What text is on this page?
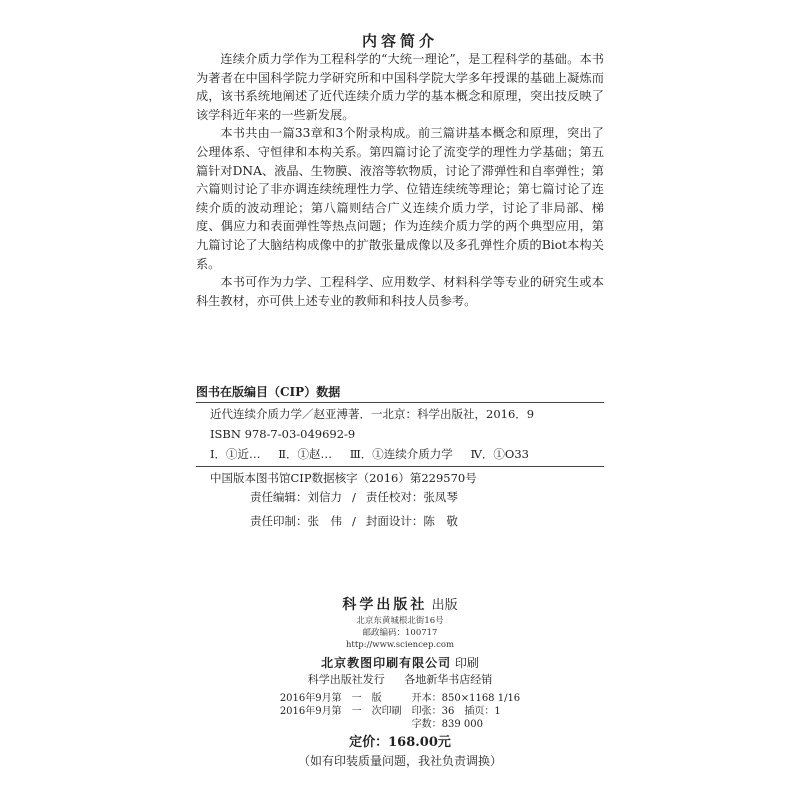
内容简介

连续介质力学作为工程科学的“大统一理论”，是工程科学的基础。本书为著者在中国科学院力学研究所和中国科学院大学多年授课的基础上凝炼而成，该书系统地阐述了近代连续介质力学的基本概念和原理，突出技反映了该学科近年来的一些新发展。

本书共由一篇33章和3个附录构成。前三篇讲基本概念和原理，突出了公理体系、守恒律和本构关系。第四篇讨论了流变学的理性力学基础；第五篇针对DNA、液晶、生物膜、液溶等软物质，讨论了滞弹性和自率弹性；第六篇则讨论了非亦调连续统理性力学、位错连续统等理论；第七篇讨论了连续介质的波动理论；第八篇则结合广义连续介质力学，讨论了非局部、梯度、偶应力和表面弹性等热点问题；作为连续介质力学的两个典型应用，第九篇讨论了大脑结构成像中的扩散张量成像以及多孔弹性介质的Biot本构关系。

本书可作为力学、工程科学、应用数学、材料科学等专业的研究生或本科生教材，亦可供上述专业的教师和科技人员参考。

图书在版编目（CIP）数据
近代连续介质力学／赵亚溥著．一北京：科学出版社，2016．9
ISBN 978-7-03-049692-9
Ⅰ．①近… Ⅱ．①赵… Ⅲ．①连续介质力学 Ⅳ．①O33
中国版本图书馆CIP数据核字（2016）第229570号
责任编辑：刘信力 / 责任校对：张凤琴
责任印制：张　伟 / 封面设计：陈　敬
科学出版社 出版
北京东黄城根北街16号
邮政编码：100717
http://www.sciencep.com
北京教图印刷有限公司 印刷
科学出版社发行 各地新华书店经销
2016年9月第	一	版	开本：850×1168 1/16
2016年9月第	一	次印刷	印张：36　插页：1
			字数：839 000
定价：168.00元
（如有印装质量问题，我社负责调换）
